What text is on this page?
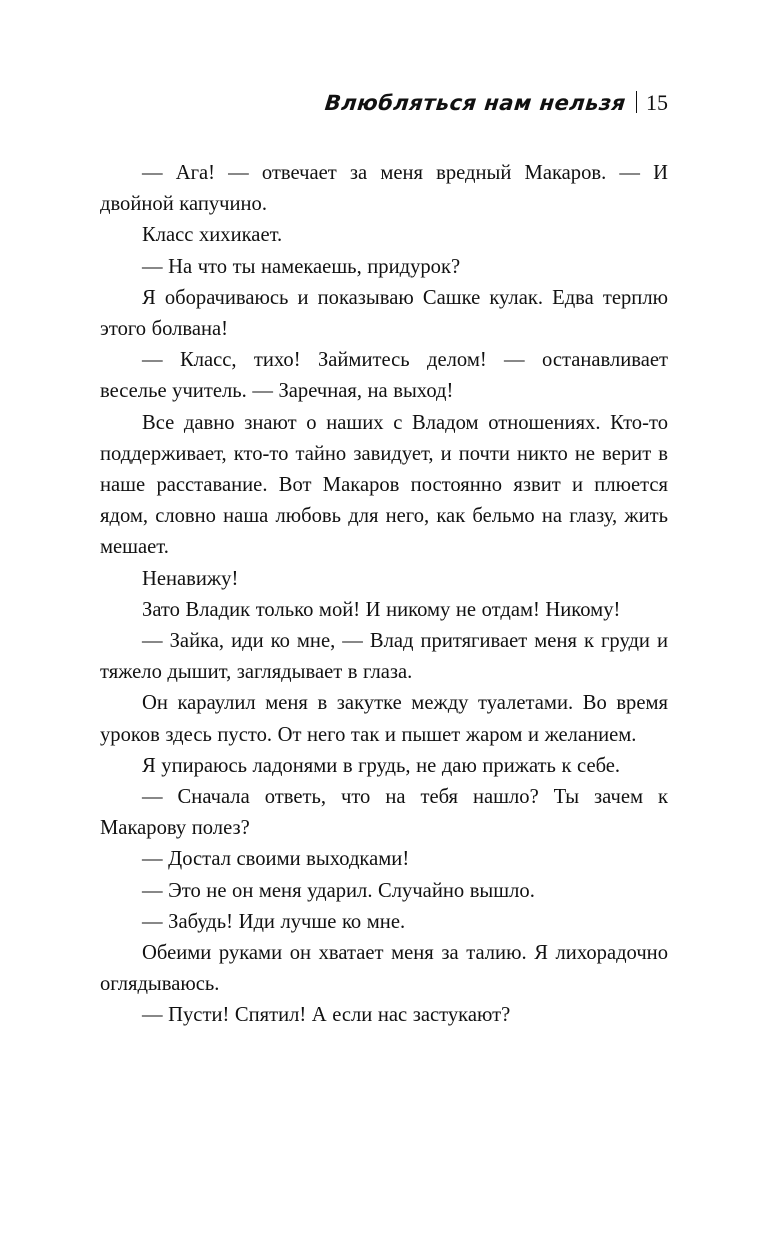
Влюбляться нам нельзя 15

— Ага! — отвечает за меня вредный Макаров. — И двойной капучино.

Класс хихикает.

— На что ты намекаешь, придурок?

Я оборачиваюсь и показываю Сашке кулак. Едва терплю этого болвана!

— Класс, тихо! Займитесь делом! — останавливает веселье учитель. — Заречная, на выход!

Все давно знают о наших с Владом отношениях. Кто-то поддерживает, кто-то тайно завидует, и почти никто не верит в наше расставание. Вот Макаров постоянно язвит и плюется ядом, словно наша любовь для него, как бельмо на глазу, жить мешает.

Ненавижу!

Зато Владик только мой! И никому не отдам! Никому!

— Зайка, иди ко мне, — Влад притягивает меня к груди и тяжело дышит, заглядывает в глаза.

Он караулил меня в закутке между туалетами. Во время уроков здесь пусто. От него так и пышет жаром и желанием.

Я упираюсь ладонями в грудь, не даю прижать к себе.

— Сначала ответь, что на тебя нашло? Ты зачем к Макарову полез?

— Достал своими выходками!

— Это не он меня ударил. Случайно вышло.

— Забудь! Иди лучше ко мне.

Обеими руками он хватает меня за талию. Я лихорадочно оглядываюсь.

— Пусти! Спятил! А если нас застукают?
